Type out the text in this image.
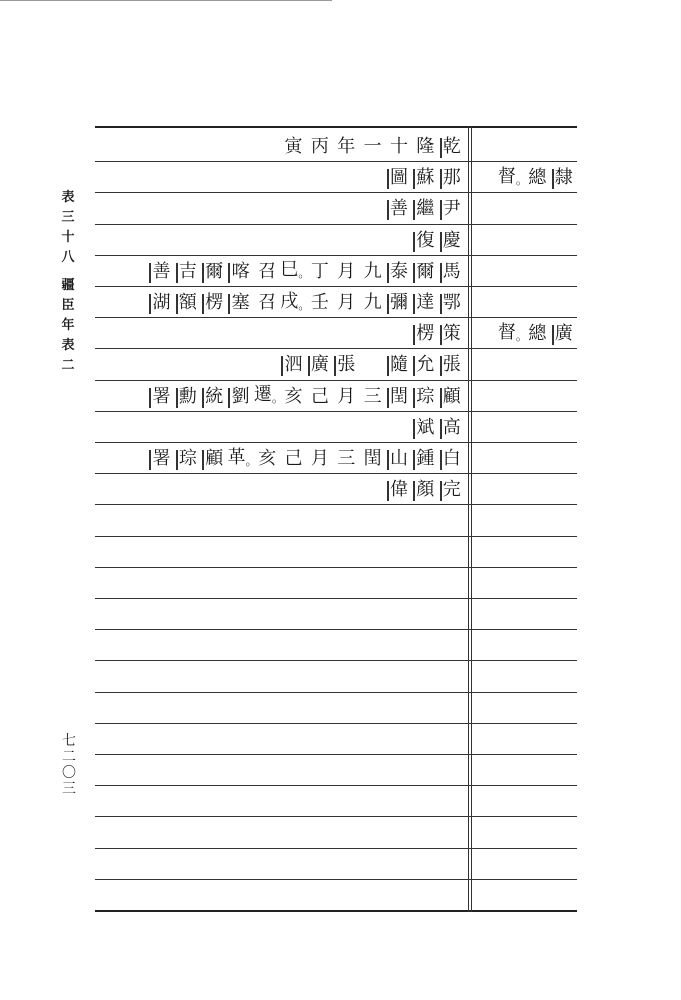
表
三
十
八
疆
臣
年
表
二
乾
隆
十
一
年
丙
寅
那
蘇
圖	隸
總
督。
尹
繼
善
慶
復
馬
爾
泰
九
月
丁
巳。
召
喀
爾
吉
善
鄂
達
彌
九
月
壬
戌。
召
塞
楞
額
湖
策
楞	廣
總
督。
張
允
隨
張
廣
泗
顧
琮
閏
三
月
己
亥
遷。
劉
統
勳
署
高
斌
白
鍾
山
閏
三
月
己
亥
革。
顧
琮
署
完
顏
偉
七
二
〇
三
